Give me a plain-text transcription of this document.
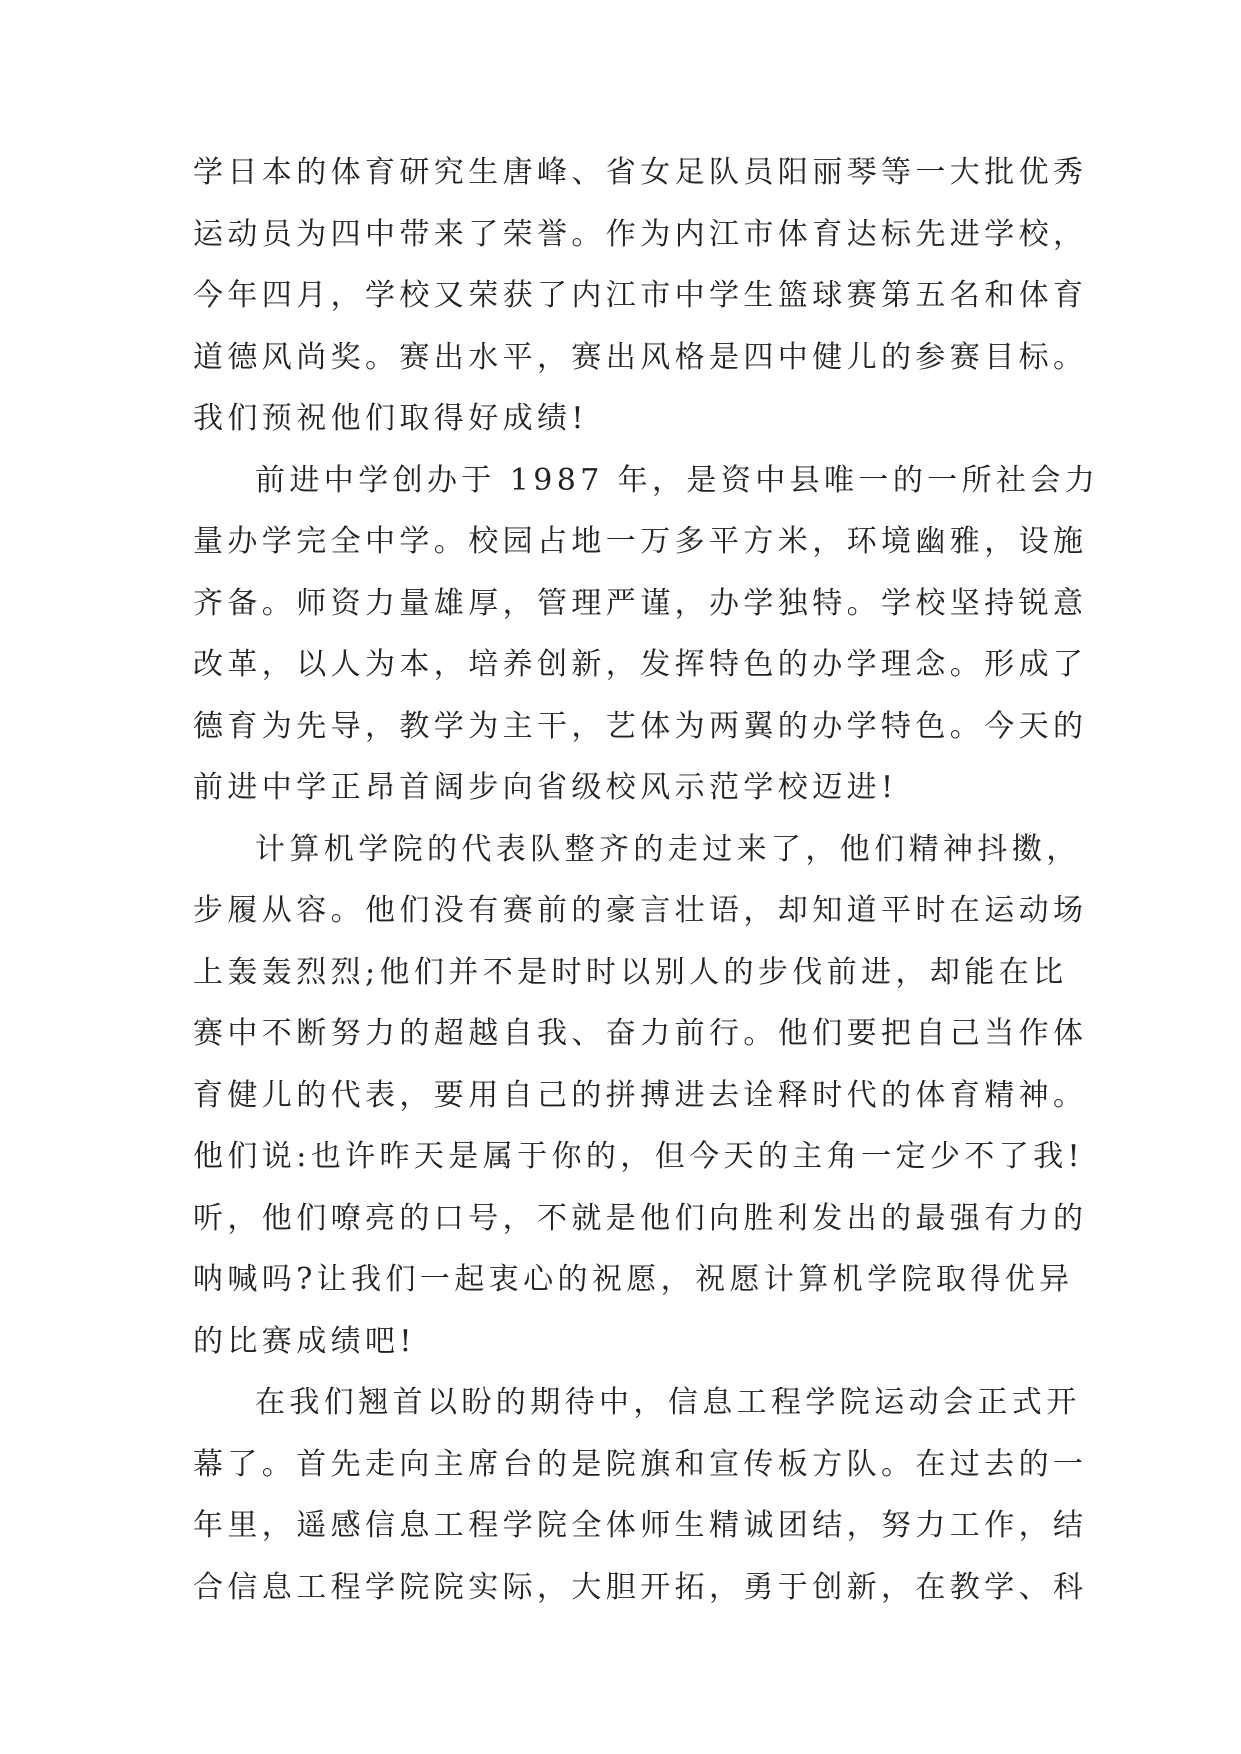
学日本的体育研究生唐峰、省女足队员阳丽琴等一大批优秀
运动员为四中带来了荣誉。作为内江市体育达标先进学校，
今年四月，学校又荣获了内江市中学生篮球赛第五名和体育
道德风尚奖。赛出水平，赛出风格是四中健儿的参赛目标。
我们预祝他们取得好成绩!
前进中学创办于 1987 年，是资中县唯一的一所社会力
量办学完全中学。校园占地一万多平方米，环境幽雅，设施
齐备。师资力量雄厚，管理严谨，办学独特。学校坚持锐意
改革，以人为本，培养创新，发挥特色的办学理念。形成了
德育为先导，教学为主干，艺体为两翼的办学特色。今天的
前进中学正昂首阔步向省级校风示范学校迈进!
计算机学院的代表队整齐的走过来了，他们精神抖擞，
步履从容。他们没有赛前的豪言壮语，却知道平时在运动场
上轰轰烈烈;他们并不是时时以别人的步伐前进，却能在比
赛中不断努力的超越自我、奋力前行。他们要把自己当作体
育健儿的代表，要用自己的拼搏进去诠释时代的体育精神。
他们说:也许昨天是属于你的，但今天的主角一定少不了我!
听，他们嘹亮的口号，不就是他们向胜利发出的最强有力的
呐喊吗?让我们一起衷心的祝愿，祝愿计算机学院取得优异
的比赛成绩吧!
在我们翘首以盼的期待中，信息工程学院运动会正式开
幕了。首先走向主席台的是院旗和宣传板方队。在过去的一
年里，遥感信息工程学院全体师生精诚团结，努力工作，结
合信息工程学院院实际，大胆开拓，勇于创新，在教学、科
